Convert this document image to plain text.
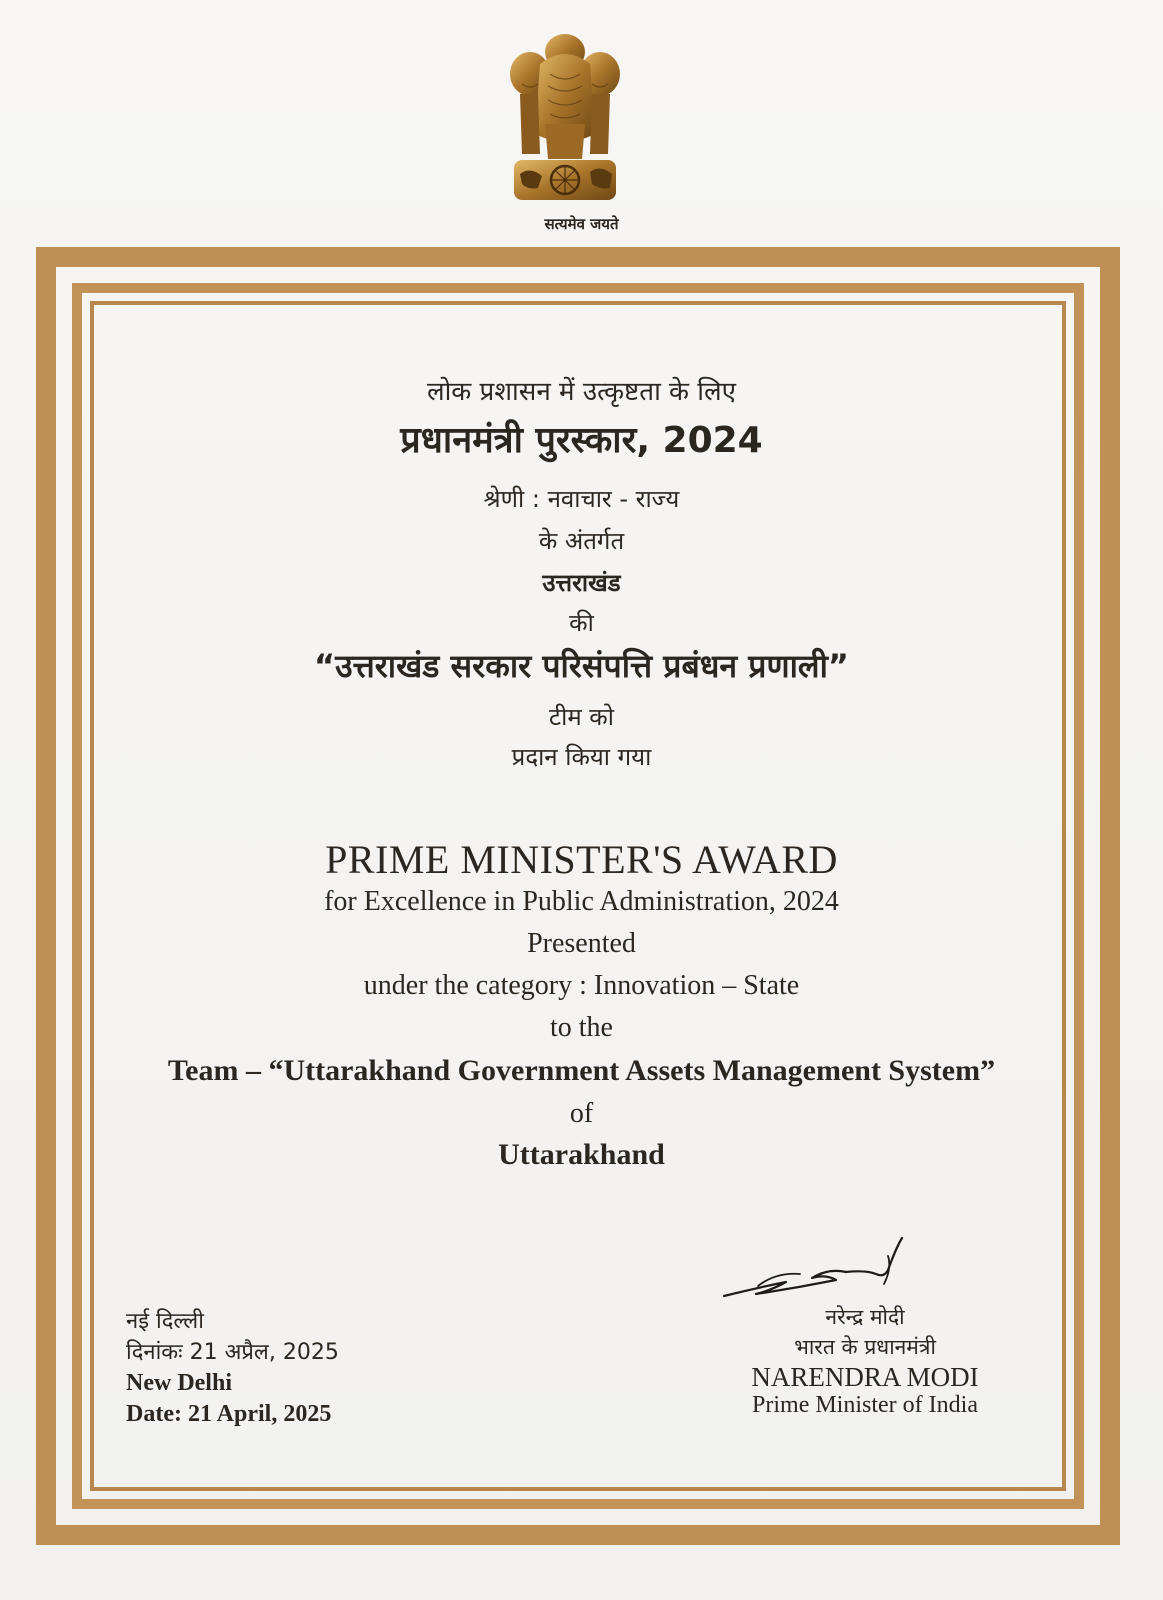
सत्यमेव जयते
लोक प्रशासन में उत्कृष्टता के लिए
प्रधानमंत्री पुरस्कार, 2024
श्रेणी : नवाचार - राज्य
के अंतर्गत
उत्तराखंड
की
“उत्तराखंड सरकार परिसंपत्ति प्रबंधन प्रणाली”
टीम को
प्रदान किया गया
PRIME MINISTER'S AWARD
for Excellence in Public Administration, 2024
Presented
under the category : Innovation – State
to the
Team – “Uttarakhand Government Assets Management System”
of
Uttarakhand
नई दिल्ली
दिनांकः 21 अप्रैल, 2025
New Delhi
Date: 21 April, 2025
नरेन्द्र मोदी
भारत के प्रधानमंत्री
NARENDRA MODI
Prime Minister of India
